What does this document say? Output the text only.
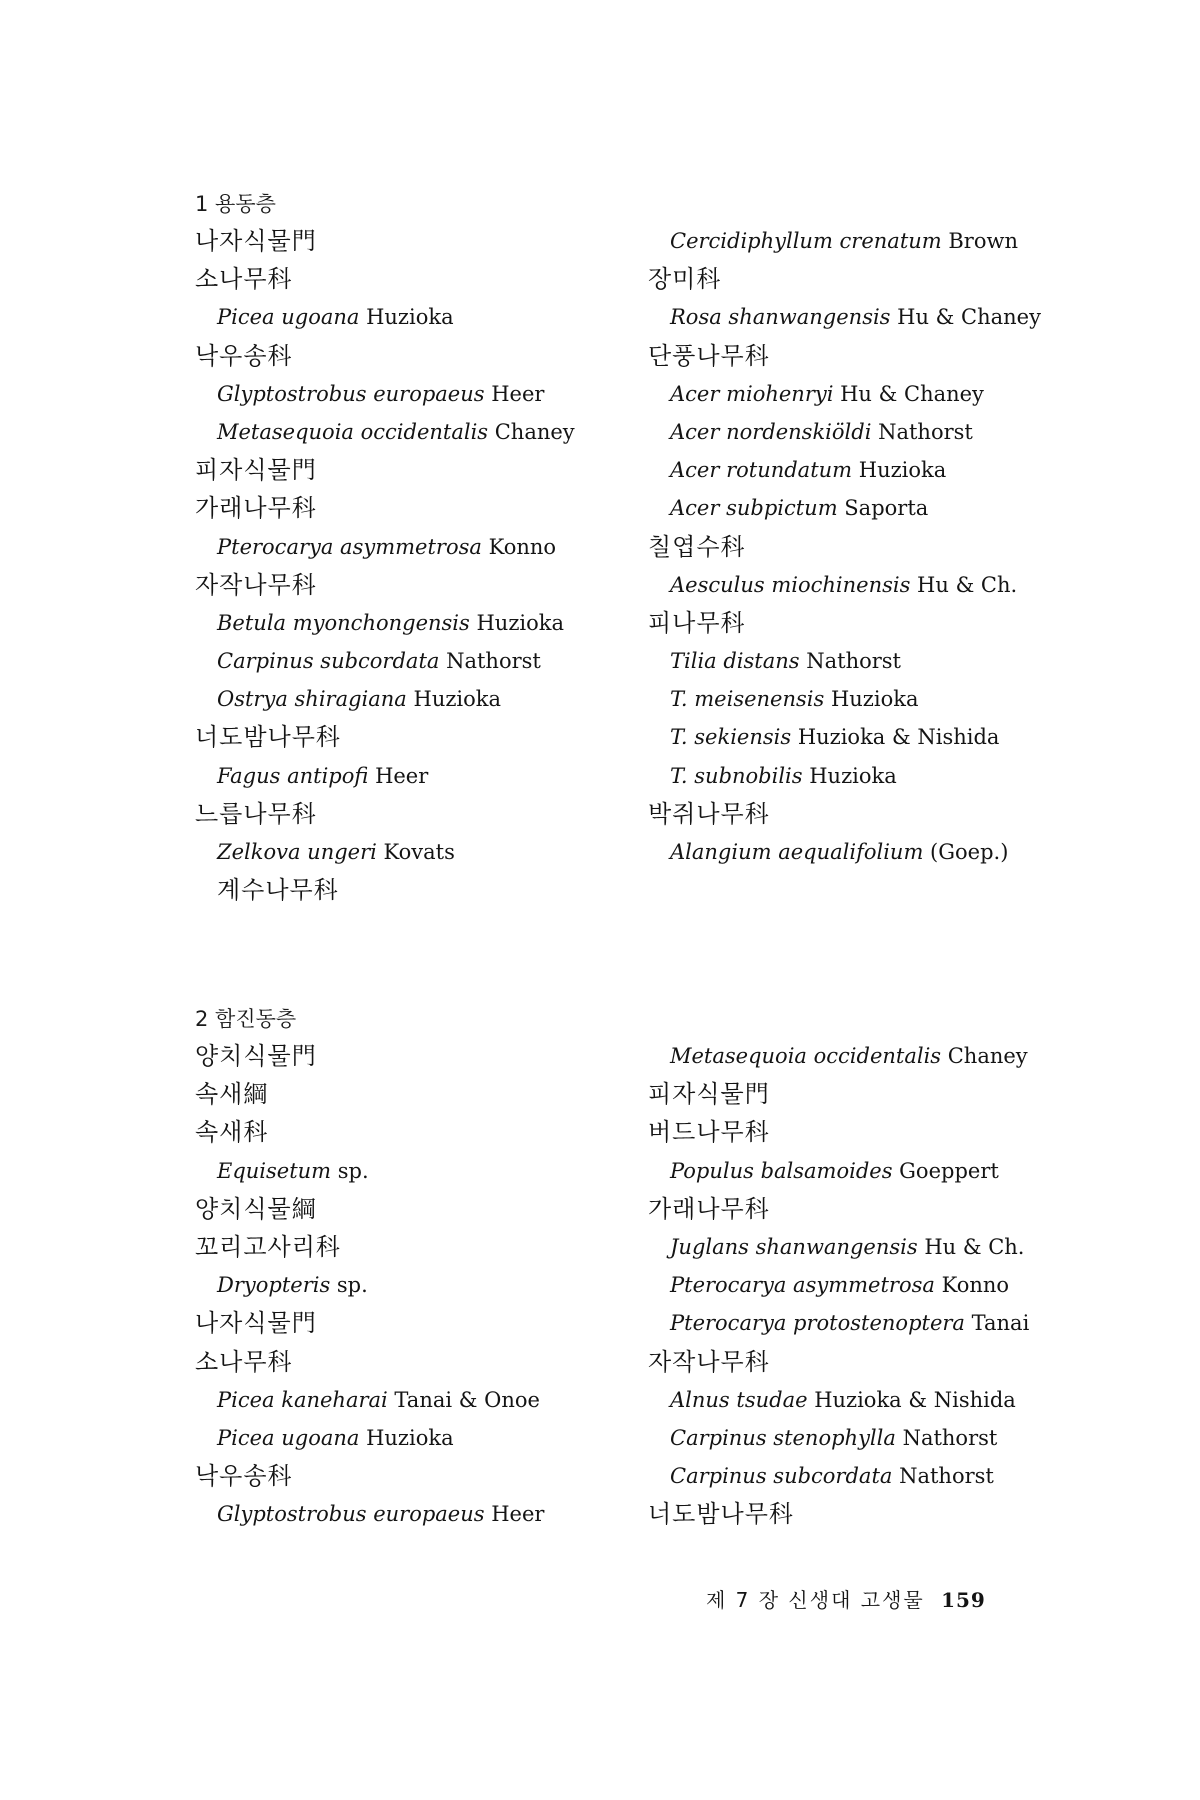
1 용동층
나자식물門
소나무科
Picea ugoana Huzioka
낙우송科
Glyptostrobus europaeus Heer
Metasequoia occidentalis Chaney
피자식물門
가래나무科
Pterocarya asymmetrosa Konno
자작나무科
Betula myonchongensis Huzioka
Carpinus subcordata Nathorst
Ostrya shiragiana Huzioka
너도밤나무科
Fagus antipofi Heer
느릅나무科
Zelkova ungeri Kovats
계수나무科
Cercidiphyllum crenatum Brown
장미科
Rosa shanwangensis Hu & Chaney
단풍나무科
Acer miohenryi Hu & Chaney
Acer nordenskiöldi Nathorst
Acer rotundatum Huzioka
Acer subpictum Saporta
칠엽수科
Aesculus miochinensis Hu & Ch.
피나무科
Tilia distans Nathorst
T. meisenensis Huzioka
T. sekiensis Huzioka & Nishida
T. subnobilis Huzioka
박쥐나무科
Alangium aequalifolium (Goep.)
2 함진동층
양치식물門
속새綱
속새科
Equisetum sp.
양치식물綱
꼬리고사리科
Dryopteris sp.
나자식물門
소나무科
Picea kaneharai Tanai & Onoe
Picea ugoana Huzioka
낙우송科
Glyptostrobus europaeus Heer
Metasequoia occidentalis Chaney
피자식물門
버드나무科
Populus balsamoides Goeppert
가래나무科
Juglans shanwangensis Hu & Ch.
Pterocarya asymmetrosa Konno
Pterocarya protostenoptera Tanai
자작나무科
Alnus tsudae Huzioka & Nishida
Carpinus stenophylla Nathorst
Carpinus subcordata Nathorst
너도밤나무科
제 7 장 신생대 고생물 159
